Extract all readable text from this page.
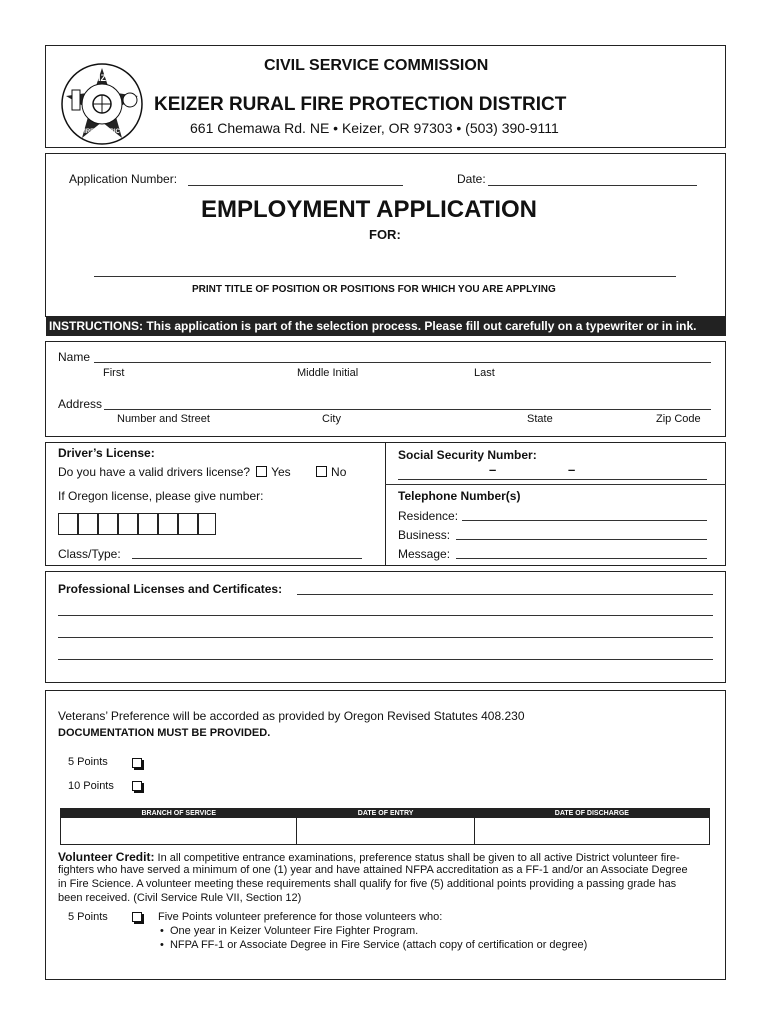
KEIZER
FIRE DISTRICT
CIVIL SERVICE COMMISSION
KEIZER RURAL FIRE PROTECTION DISTRICT
661 Chemawa Rd. NE • Keizer, OR 97303 • (503) 390-9111
Application Number:	Date:
EMPLOYMENT APPLICATION
FOR:
PRINT TITLE OF POSITION OR POSITIONS FOR WHICH YOU ARE APPLYING
INSTRUCTIONS: This application is part of the selection process. Please fill out carefully on a typewriter or in ink.
Name
First	Middle Initial	Last
Address
Number and Street	City	State	Zip Code
Driver’s License:
Do you have a valid drivers license? Yes	No
If Oregon license, please give number:
Class/Type:
Social Security Number:
–	–
Telephone Number(s)
Residence:
Business:
Message:
Professional Licenses and Certificates:
Veterans’ Preference will be accorded as provided by Oregon Revised Statutes 408.230
DOCUMENTATION MUST BE PROVIDED.
5 Points
10 Points
BRANCH OF SERVICE	DATE OF ENTRY	DATE OF DISCHARGE

Volunteer Credit: In all competitive entrance examinations, preference status shall be given to all active District volunteer fire-
fighters who have served a minimum of one (1) year and have attained NFPA accreditation as a FF-1 and/or an Associate Degree
in Fire Science. A volunteer meeting these requirements shall qualify for five (5) additional points providing a passing grade has
been received. (Civil Service Rule VII, Section 12)
5 Points	Five Points volunteer preference for those volunteers who:
•  One year in Keizer Volunteer Fire Fighter Program.
•  NFPA FF-1 or Associate Degree in Fire Service (attach copy of certification or degree)
